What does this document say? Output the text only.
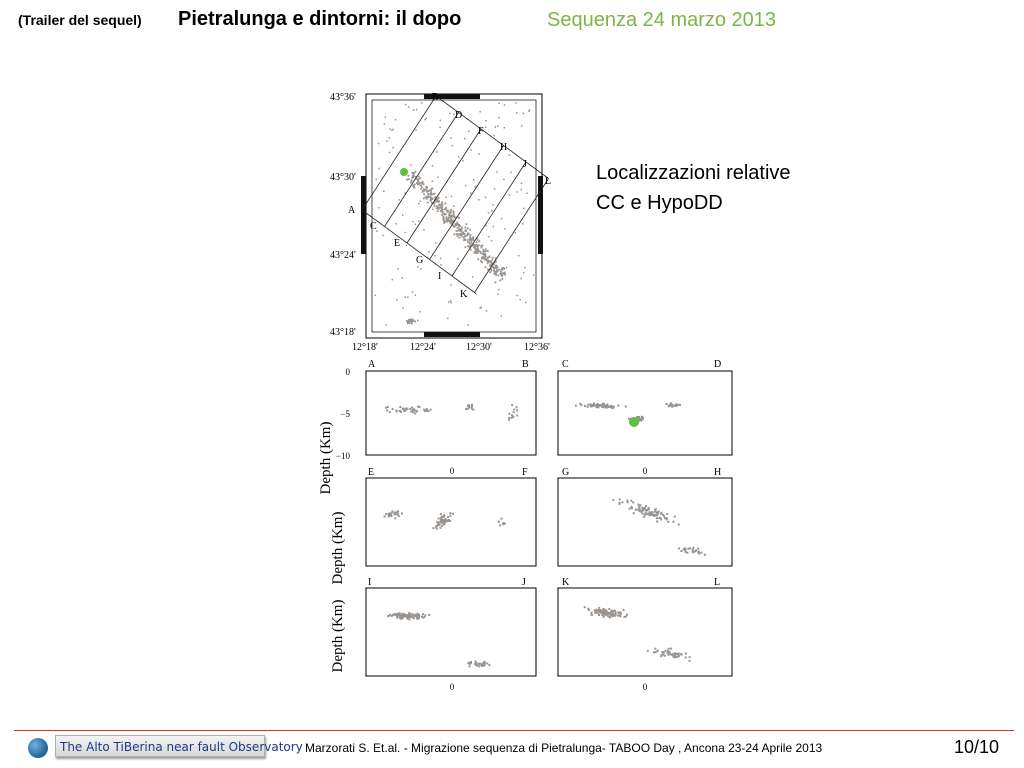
(Trailer del sequel) Pietralunga e dintorni: il dopo	Sequenza 24 marzo 2013
Localizzazioni relative
CC e HypoDD
43°36'
43°30'
43°24'
43°18'
12°18'	12°24'	12°30'	12°36'
A
B
C
D
E
F
G
H
I
J
K
L
Depth (Km)
Depth (Km)
Depth (Km)
0
−5
−10
A	B	C	D
E	F	G	H
I	J	K	L
0	0
0	0
The Alto TiBerina near fault Observatory Marzorati S. Et.al. - Migrazione sequenza di Pietralunga- TABOO Day , Ancona 23-24 Aprile 2013	10/10
